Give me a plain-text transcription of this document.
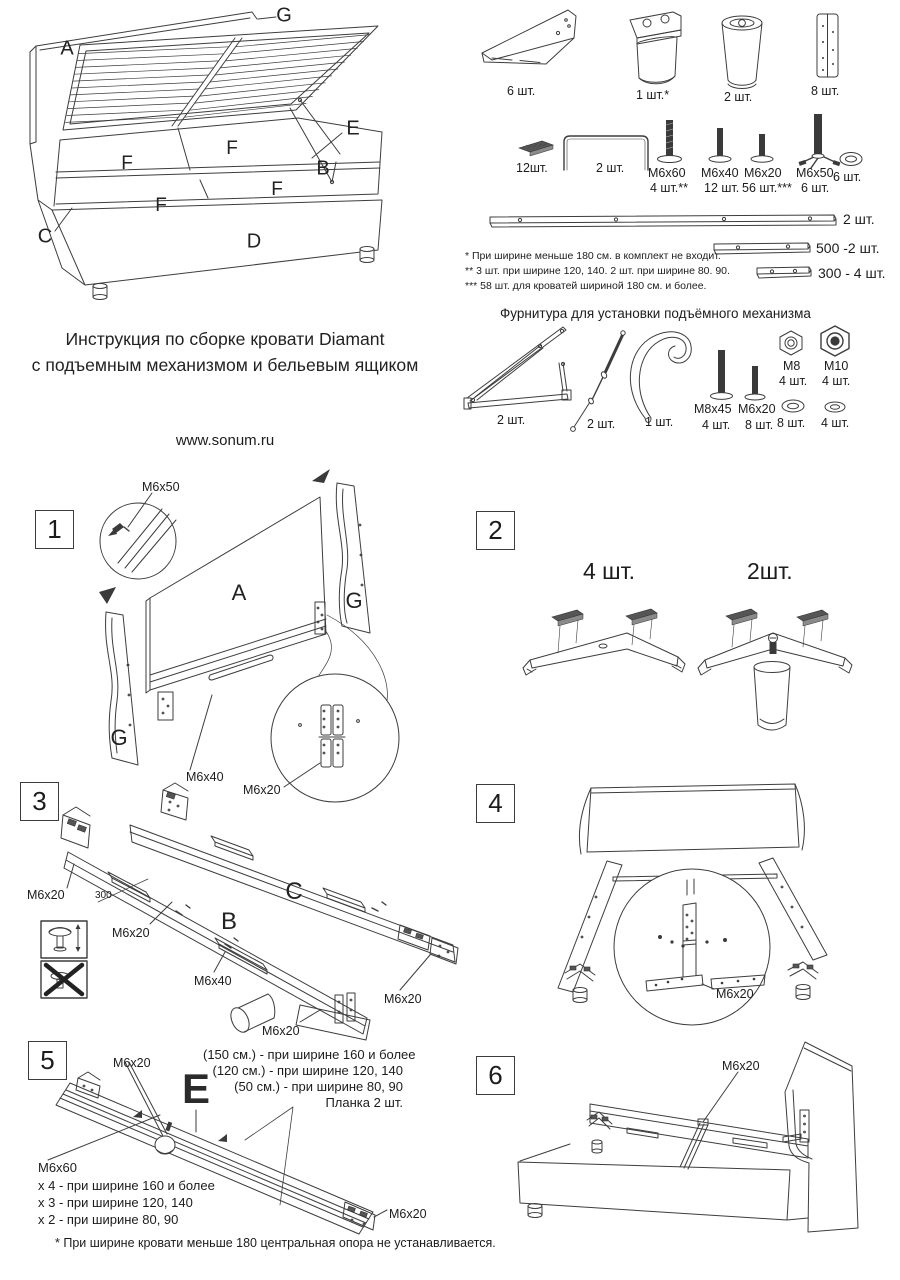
A
G
E
B
C	D
F
F
F
F
Инструкция по сборке кровати Diamant
с подъемным механизмом и бельевым ящиком
www.sonum.ru
6 шт.	1 шт.*	2 шт.	8 шт.
12шт.	2 шт. M6x60
4 шт.**
M6x40
12 шт.
M6x20
56 шт.***
M6x50
6 шт.
6 шт.
2 шт.
500 -2 шт.
300 - 4 шт.
* При ширине меньше 180 см. в комплект не входит.
** 3 шт. при ширине 120, 140. 2 шт. при ширине 80. 90.
*** 58 шт. для кроватей шириной 180 см. и более.
Фурнитура для установки подъёмного механизма
2 шт.	2 шт. 1 шт.
M8x45 M6x20
4 шт. 8 шт.
M8 M10
4 шт. 4 шт.
8 шт. 4 шт.
1
M6x50
A	G
G
M6x40
M6x20
2
4 шт.	2шт.
3
M6x20	300
M6x20	B
C
M6x40
M6x20
M6x20
4
M6x20
5	M6x20
E
(150 см.) - при ширине 160 и более
(120 см.) - при ширине 120, 140
(50 см.) - при ширине 80, 90
Планка 2 шт.
M6x60
x 4 - при ширине 160 и более
x 3 - при ширине 120, 140
x 2 - при ширине 80, 90	M6x20
* При ширине кровати меньше 180 центральная опора не устанавливается.
6	M6x20
